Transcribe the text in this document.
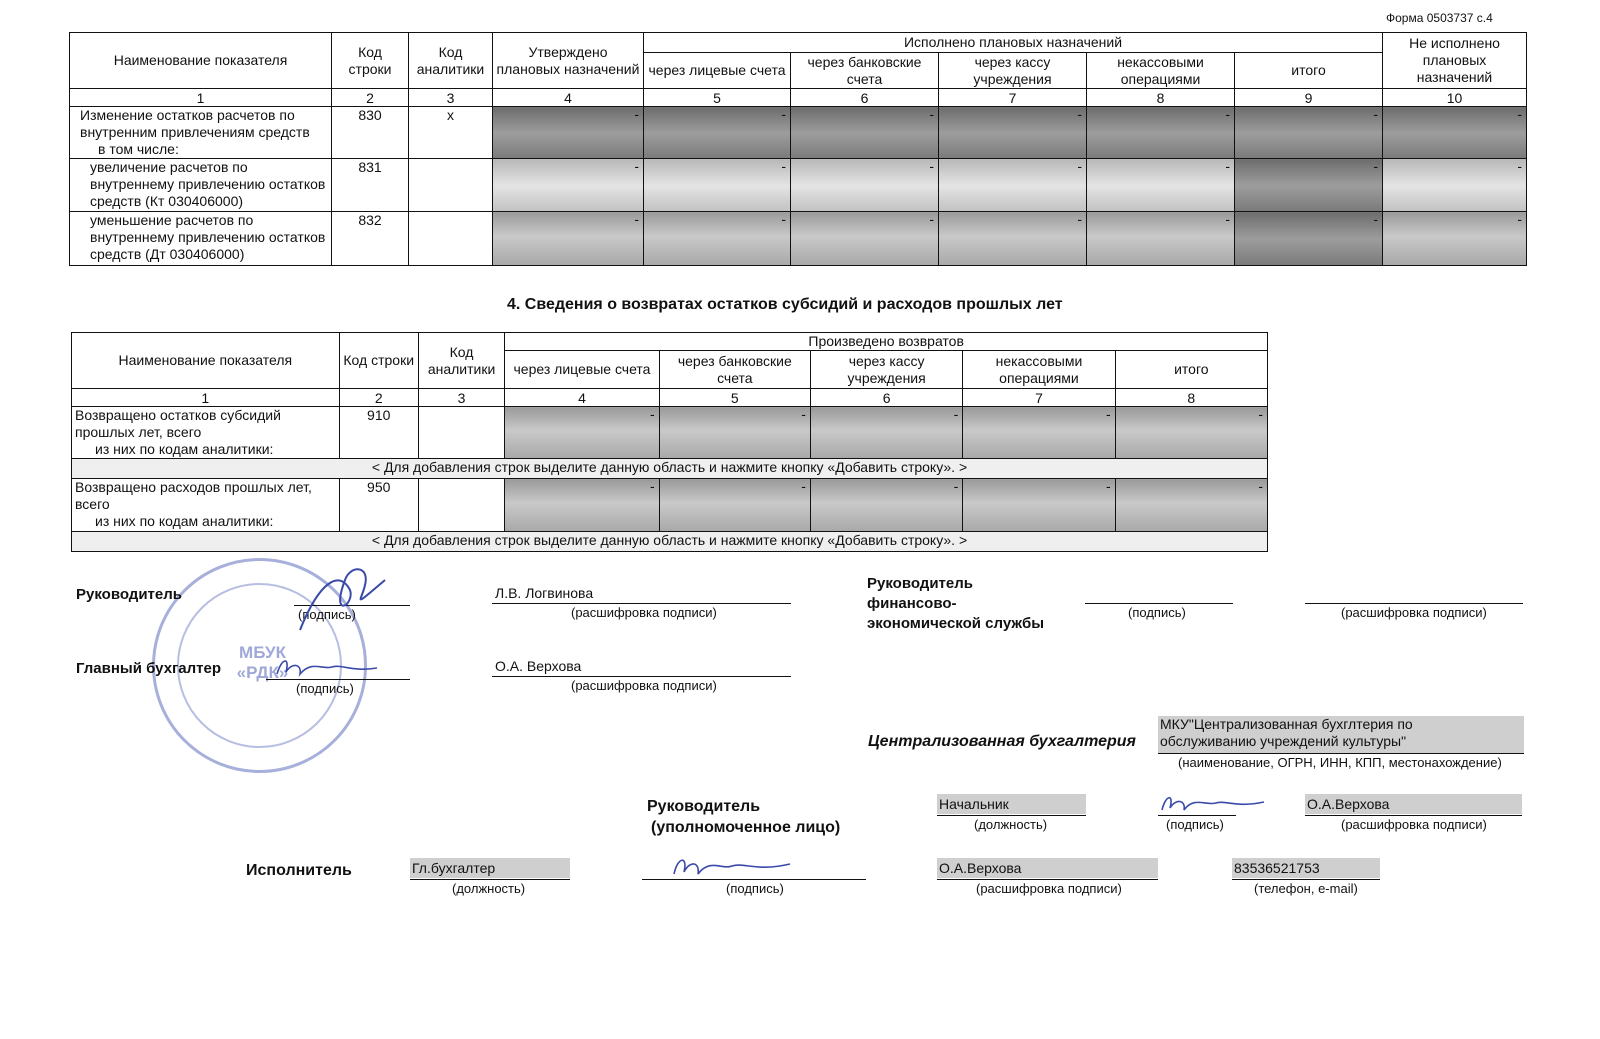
Форма 0503737 с.4
Наименование показателя	Код строки	Код аналитики	Утверждено плановых назначений	Исполнено плановых назначений					Не исполнено плановых назначений
				через лицевые счета	через банковские счета	через кассу учреждения	некассовыми операциями	итого	
1	2	3	4	5	6	7	8	9	10
Изменение остатков расчетов по внутренним привлечениям средств
в том числе:	830	х	-	-	-	-	-	-	-

увеличение расчетов по внутреннему привлечению остатков средств (Кт 030406000)	831		-	-	-	-	-	-	-

уменьшение расчетов по внутреннему привлечению остатков средств (Дт 030406000)	832		-	-	-	-	-	-	-
4. Сведения о возвратах остатков субсидий и расходов прошлых лет
Наименование показателя	Код строки	Код аналитики	Произведено возвратов				
			через лицевые счета	через банковские счета	через кассу учреждения	некассовыми операциями	итого
1	2	3	4	5	6	7	8
Возвращено остатков субсидий прошлых лет, всего
из них по кодам аналитики:	910		-	-	-	-	-

< Для добавления строк выделите данную область и нажмите кнопку «Добавить строку». >							
Возвращено расходов прошлых лет, всего
из них по кодам аналитики:	950		-	-	-	-	-

< Для добавления строк выделите данную область и нажмите кнопку «Добавить строку». >							
МБУК «РДК»
Руководитель
(подпись)
Л.В. Логвинова
(расшифровка подписи)
Руководитель
финансово-
экономической службы
(подпись)	(расшифровка подписи)
Главный бухгалтер
(подпись)
О.А. Верхова
(расшифровка подписи)
Централизованная бухгалтерия
МКУ"Централизованная бухглтерия по
обслуживанию учреждений культуры"
(наименование, ОГРН, ИНН, КПП, местонахождение)
Руководитель
(уполномоченное лицо)
Начальник
(должность)	(подпись)
О.А.Верхова
(расшифровка подписи)
Исполнитель	Гл.бухгалтер
(должность)	(подпись)
О.А.Верхова
(расшифровка подписи)
83536521753
(телефон, e-mail)
